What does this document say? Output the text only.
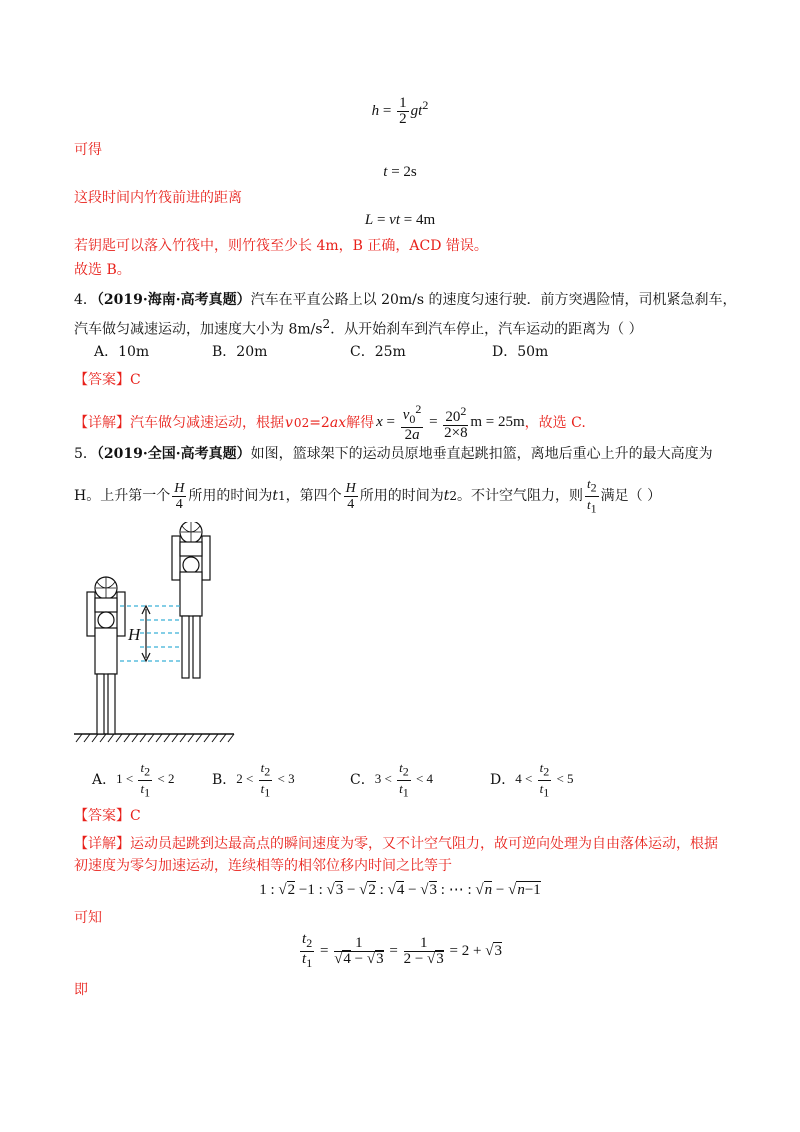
$h = \frac{1}{2} gt^2$
可得
t = 2s
这段时间内竹筏前进的距离
L = vt = 4m
若钥匙可以落入竹筏中，则竹筏至少长 4m，B 正确，ACD 错误。
故选 B。
4．（2019·海南·高考真题）汽车在平直公路上以 20m/s 的速度匀速行驶．前方突遇险情，司机紧急刹车，
汽车做匀减速运动，加速度大小为 $8m/s^2$．从开始刹车到汽车停止，汽车运动的距离为（ ）
A．10m	B．20m	C．25m	D．50m
【答案】C
【详解】 汽车做匀减速运动，根据 v 0 2 =2 ax 解得 $x = \frac{v_0^2}{2a} = \frac{20^2}{2\times 8}$ m = 25m ，故选 C.
5．（2019·全国·高考真题）如图，篮球架下的运动员原地垂直起跳扣篮，离地后重心上升的最大高度为
H。上升第一个 $\frac{H}{4}$ 所用的时间为 t 1 ，第四个 $\frac{H}{4}$ 所用的时间为 t 2 。不计空气阻力，则 $\frac{t_2}{t_1}$ 满足（ ）
H
A． $1 < \frac{t_2}{t_1} < 2$	B． $2 < \frac{t_2}{t_1} < 3$	C． $3 < \frac{t_2}{t_1} < 4$	D． $4 < \frac{t_2}{t_1} < 5$
【答案】C
【详解】运动员起跳到达最高点的瞬间速度为零，又不计空气阻力，故可逆向处理为自由落体运动，根据
初速度为零匀加速运动，连续相等的相邻位移内时间之比等于
1 : √2 −1 : √3 − √2 : √4 − √3 : ⋯ : √n − √n−1
可知
$\frac{t_2}{t_1} = \frac{1}{√4 - √3} = \frac{1}{2 - √3} = 2 + √3$
即
